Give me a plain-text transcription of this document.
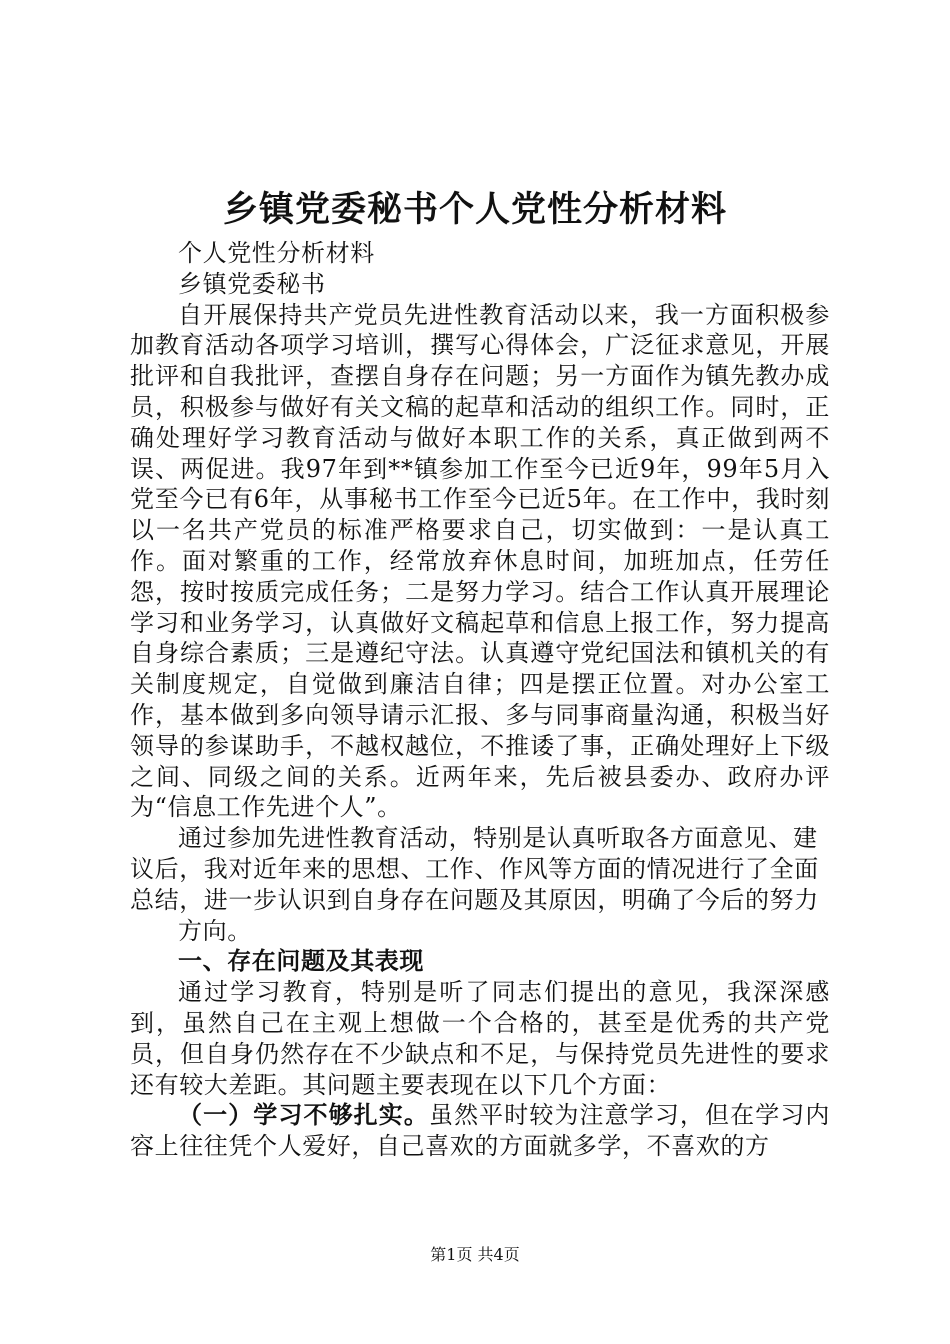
乡镇党委秘书个人党性分析材料

个人党性分析材料

乡镇党委秘书

自开展保持共产党员先进性教育活动以来，我一方面积极参加教育活动各项学习培训，撰写心得体会，广泛征求意见，开展批评和自我批评，查摆自身存在问题；另一方面作为镇先教办成员，积极参与做好有关文稿的起草和活动的组织工作。同时，正确处理好学习教育活动与做好本职工作的关系，真正做到两不误、两促进。我97年到**镇参加工作至今已近9年，99年5月入党至今已有6年，从事秘书工作至今已近5年。在工作中，我时刻以一名共产党员的标准严格要求自己，切实做到：一是认真工作。面对繁重的工作，经常放弃休息时间，加班加点，任劳任怨，按时按质完成任务；二是努力学习。结合工作认真开展理论学习和业务学习，认真做好文稿起草和信息上报工作，努力提高自身综合素质；三是遵纪守法。认真遵守党纪国法和镇机关的有关制度规定，自觉做到廉洁自律；四是摆正位置。对办公室工作，基本做到多向领导请示汇报、多与同事商量沟通，积极当好领导的参谋助手，不越权越位，不推诿了事，正确处理好上下级之间、同级之间的关系。近两年来，先后被县委办、政府办评为“信息工作先进个人”。

通过参加先进性教育活动，特别是认真听取各方面意见、建议后，我对近年来的思想、工作、作风等方面的情况进行了全面总结，进一步认识到自身存在问题及其原因，明确了今后的努力

方向。

一、存在问题及其表现

通过学习教育，特别是听了同志们提出的意见，我深深感到，虽然自己在主观上想做一个合格的，甚至是优秀的共产党员，但自身仍然存在不少缺点和不足，与保持党员先进性的要求还有较大差距。其问题主要表现在以下几个方面：

（一）学习不够扎实。虽然平时较为注意学习，但在学习内容上往往凭个人爱好，自己喜欢的方面就多学，不喜欢的方

第1页 共4页
